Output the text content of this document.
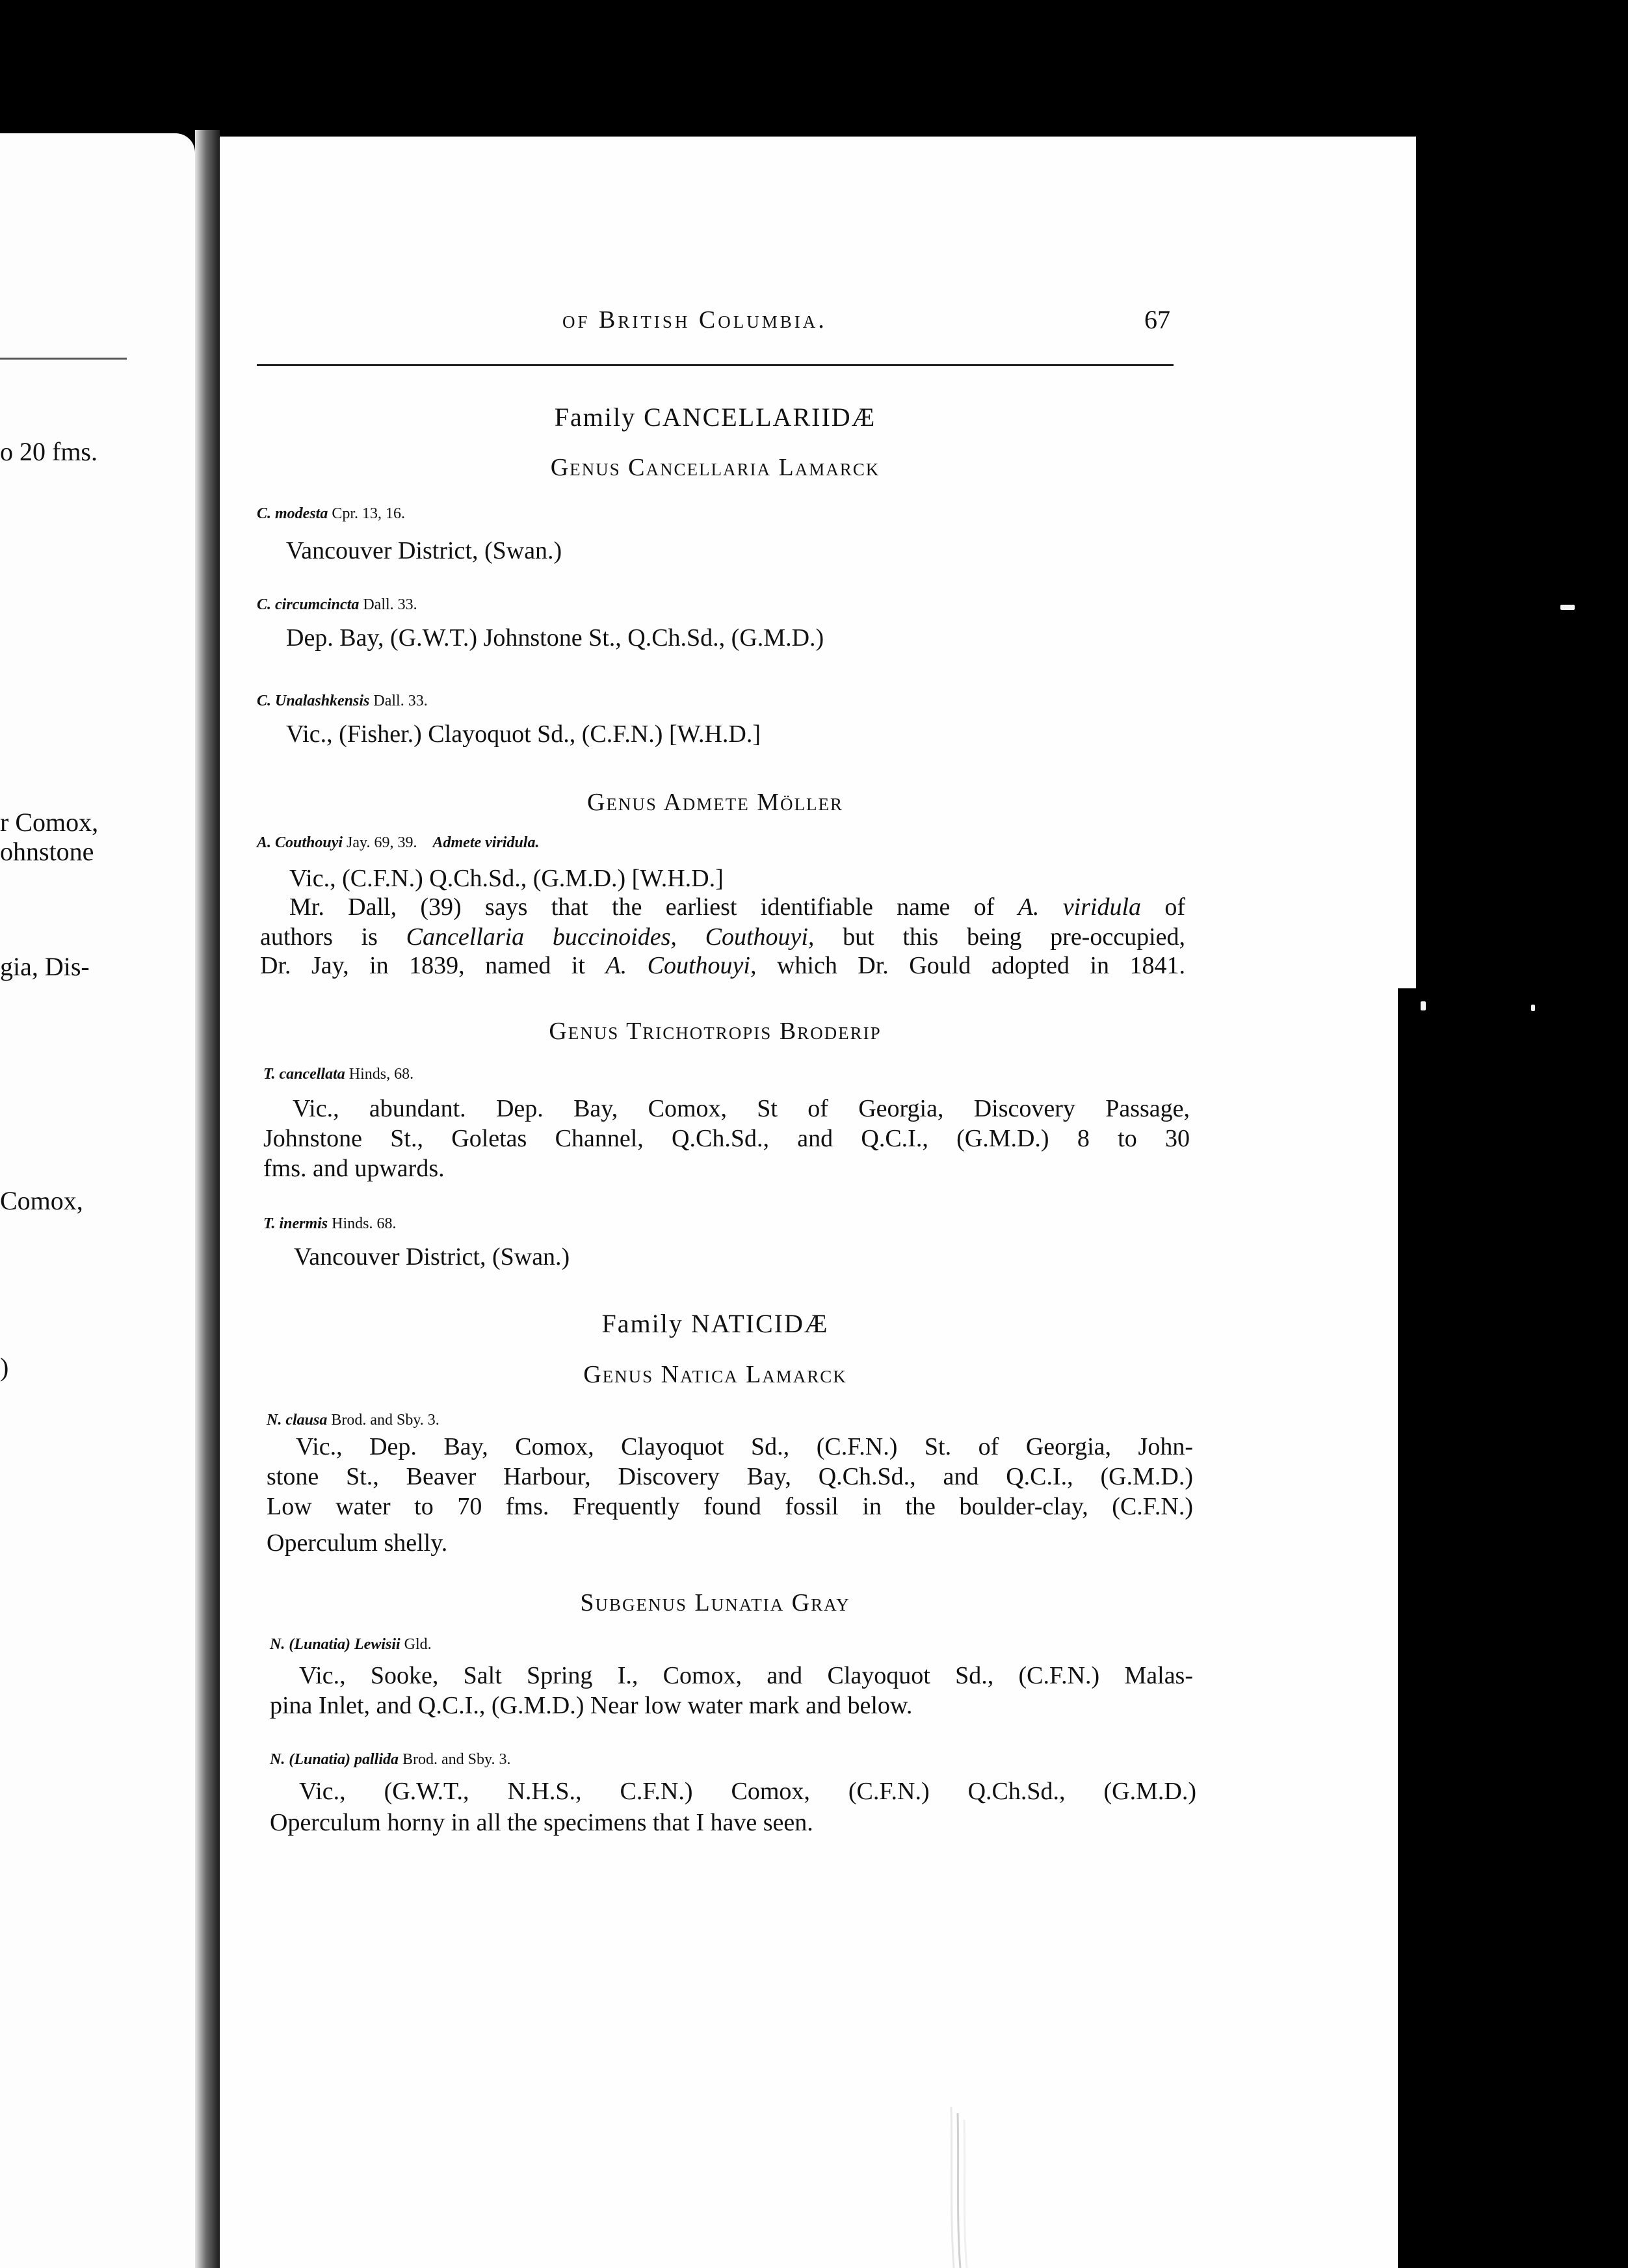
o 20 fms.
r Comox,
ohnstone
gia, Dis-
Comox,
)
of British Columbia.	67
Family CANCELLARIIDÆ
Genus Cancellaria Lamarck
C. modesta Cpr. 13, 16.
Vancouver District, (Swan.)
C. circumcincta Dall. 33.
Dep. Bay, (G.W.T.) Johnstone St., Q.Ch.Sd., (G.M.D.)
C. Unalashkensis Dall. 33.
Vic., (Fisher.) Clayoquot Sd., (C.F.N.) [W.H.D.]
Genus Admete Möller
A. Couthouyi Jay. 69, 39. Admete viridula.
Vic., (C.F.N.) Q.Ch.Sd., (G.M.D.) [W.H.D.]
Mr. Dall, (39) says that the earliest identifiable name of A. viridula of
authors is Cancellaria buccinoides, Couthouyi, but this being pre-occupied,
Dr. Jay, in 1839, named it A. Couthouyi, which Dr. Gould adopted in 1841.
Genus Trichotropis Broderip
T. cancellata Hinds, 68.
Vic., abundant. Dep. Bay, Comox, St of Georgia, Discovery Passage,
Johnstone St., Goletas Channel, Q.Ch.Sd., and Q.C.I., (G.M.D.) 8 to 30
fms. and upwards.
T. inermis Hinds. 68.
Vancouver District, (Swan.)
Family NATICIDÆ
Genus Natica Lamarck
N. clausa Brod. and Sby. 3.
Vic., Dep. Bay, Comox, Clayoquot Sd., (C.F.N.) St. of Georgia, John-
stone St., Beaver Harbour, Discovery Bay, Q.Ch.Sd., and Q.C.I., (G.M.D.)
Low water to 70 fms. Frequently found fossil in the boulder-clay, (C.F.N.)
Operculum shelly.
Subgenus Lunatia Gray
N. (Lunatia) Lewisii Gld.
Vic., Sooke, Salt Spring I., Comox, and Clayoquot Sd., (C.F.N.) Malas-
pina Inlet, and Q.C.I., (G.M.D.) Near low water mark and below.
N. (Lunatia) pallida Brod. and Sby. 3.
Vic., (G.W.T., N.H.S., C.F.N.) Comox, (C.F.N.) Q.Ch.Sd., (G.M.D.)
Operculum horny in all the specimens that I have seen.
